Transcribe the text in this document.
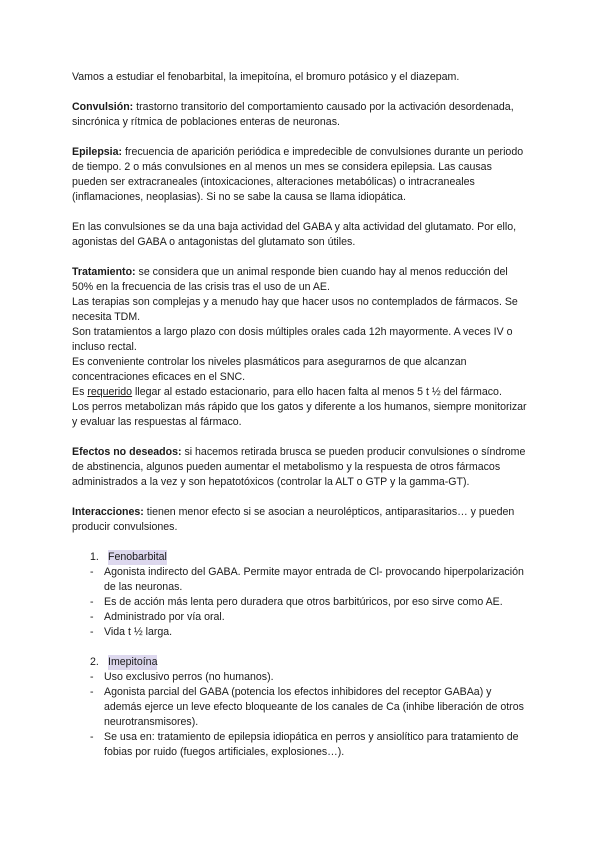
Vamos a estudiar el fenobarbital, la imepitoína, el bromuro potásico y el diazepam.

Convulsión: trastorno transitorio del comportamiento causado por la activación desordenada, sincrónica y rítmica de poblaciones enteras de neuronas.

Epilepsia: frecuencia de aparición periódica e impredecible de convulsiones durante un periodo de tiempo. 2 o más convulsiones en al menos un mes se considera epilepsia. Las causas pueden ser extracraneales (intoxicaciones, alteraciones metabólicas) o intracraneales (inflamaciones, neoplasias). Si no se sabe la causa se llama idiopática.

En las convulsiones se da una baja actividad del GABA y alta actividad del glutamato. Por ello, agonistas del GABA o antagonistas del glutamato son útiles.

Tratamiento: se considera que un animal responde bien cuando hay al menos reducción del 50% en la frecuencia de las crisis tras el uso de un AE.
Las terapias son complejas y a menudo hay que hacer usos no contemplados de fármacos. Se necesita TDM.
Son tratamientos a largo plazo con dosis múltiples orales cada 12h mayormente. A veces IV o incluso rectal.
Es conveniente controlar los niveles plasmáticos para asegurarnos de que alcanzan concentraciones eficaces en el SNC.
Es requerido llegar al estado estacionario, para ello hacen falta al menos 5 t ½ del fármaco.
Los perros metabolizan más rápido que los gatos y diferente a los humanos, siempre monitorizar y evaluar las respuestas al fármaco.

Efectos no deseados: si hacemos retirada brusca se pueden producir convulsiones o síndrome de abstinencia, algunos pueden aumentar el metabolismo y la respuesta de otros fármacos administrados a la vez y son hepatotóxicos (controlar la ALT o GTP y la gamma-GT).

Interacciones: tienen menor efecto si se asocian a neurolépticos, antiparasitarios… y pueden producir convulsiones.

1. Fenobarbital
- Agonista indirecto del GABA. Permite mayor entrada de Cl- provocando hiperpolarización de las neuronas.
- Es de acción más lenta pero duradera que otros barbitúricos, por eso sirve como AE.
- Administrado por vía oral.
- Vida t ½ larga.
2. Imepitoína
- Uso exclusivo perros (no humanos).
- Agonista parcial del GABA (potencia los efectos inhibidores del receptor GABAa) y además ejerce un leve efecto bloqueante de los canales de Ca (inhibe liberación de otros neurotransmisores).
- Se usa en: tratamiento de epilepsia idiopática en perros y ansiolítico para tratamiento de fobias por ruido (fuegos artificiales, explosiones…).
